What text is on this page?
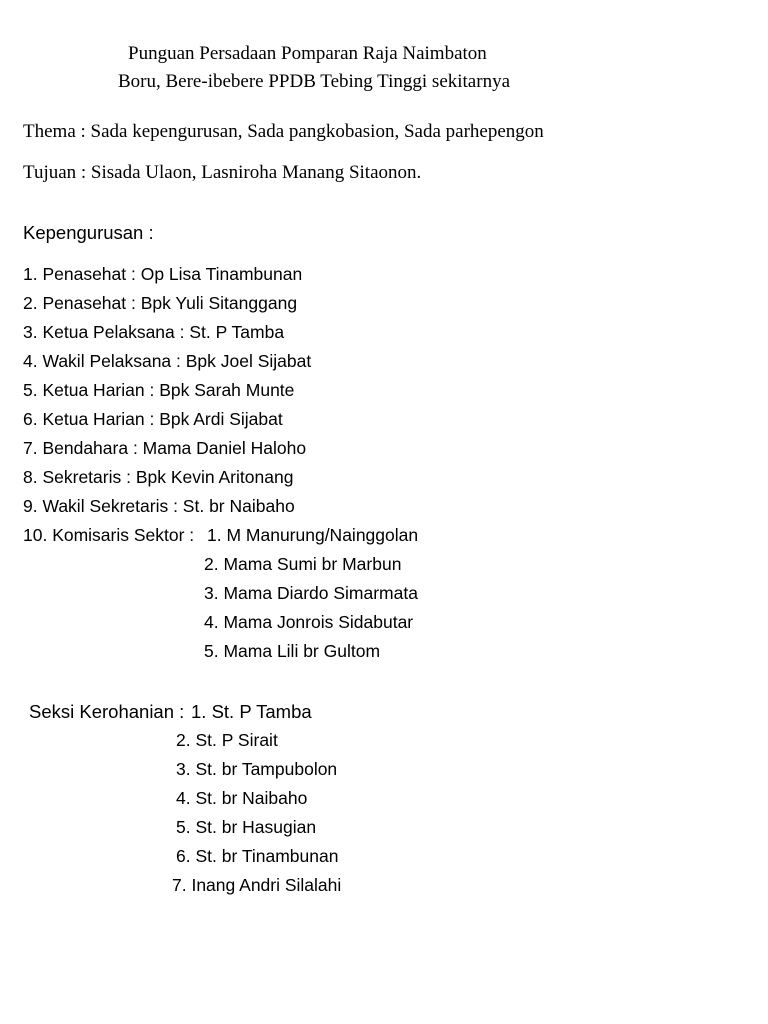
Punguan Persadaan Pomparan Raja Naimbaton
Boru, Bere-ibebere PPDB Tebing Tinggi sekitarnya
Thema : Sada kepengurusan, Sada pangkobasion, Sada parhepengon
Tujuan : Sisada Ulaon, Lasniroha Manang Sitaonon.
Kepengurusan :
1. Penasehat : Op Lisa Tinambunan
2. Penasehat : Bpk Yuli Sitanggang
3. Ketua Pelaksana : St. P Tamba
4. Wakil Pelaksana : Bpk Joel Sijabat
5. Ketua Harian : Bpk Sarah Munte
6. Ketua Harian : Bpk Ardi Sijabat
7. Bendahara : Mama Daniel Haloho
8. Sekretaris : Bpk Kevin Aritonang
9. Wakil Sekretaris : St. br Naibaho
10. Komisaris Sektor : 1. M Manurung/Nainggolan
2. Mama Sumi br Marbun
3. Mama Diardo Simarmata
4. Mama Jonrois Sidabutar
5. Mama Lili br Gultom
Seksi Kerohanian : 1. St. P Tamba
2. St. P Sirait
3. St. br Tampubolon
4. St. br Naibaho
5. St. br Hasugian
6. St. br Tinambunan
7. Inang Andri Silalahi
